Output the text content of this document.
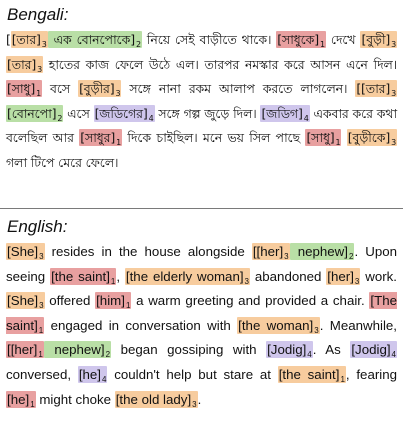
Bengali:
[$[তার]_3$ এক $বোনপোকে]_2$ নিয়ে সেই বাড়ীতে থাকে। $[সাধুকে]_1$ দেখে $[বুড়ী]_3$ $[তার]_3$ হাতের কাজ ফেলে উঠে এল। তারপর নমস্কার করে আসন এনে দিল। $[সাধু]_1$ বসে $[বুড়ীর]_3$ সঙ্গে নানা রকম আলাপ করতে লাগলেন। [$[তার]_3$ $[বোনপো]_2$ এসে $[জডিগের]_4$ সঙ্গে গল্প জুড়ে দিল। $[জডিগ]_4$ একবার করে কথা বলেছিল আর $[সাধুর]_1$ দিকে চাইছিল। মনে ভয় সিল পাছে $[সাধু]_1$ $[বুড়ীকে]_3$ গলা টিপে মেরে ফেলে।
English:
$[She]_3$ resides in the house alongside [$[her]_3$ $nephew]_2$. Upon seeing [the $saint]_1$, [the elderly $woman]_3$ abandoned $[her]_3$ work. $[She]_3$ offered $[him]_1$ a warm greeting and provided a chair. [The $saint]_1$ engaged in conversation with [the $woman]_3$. Meanwhile, [$[her]_1$ $nephew]_2$ began gossiping with $[Jodig]_4$. As $[Jodig]_4$ conversed, $[he]_4$ couldn't help but stare at [the $saint]_1$, fearing $[he]_1$ might choke [the old $lady]_3$.
